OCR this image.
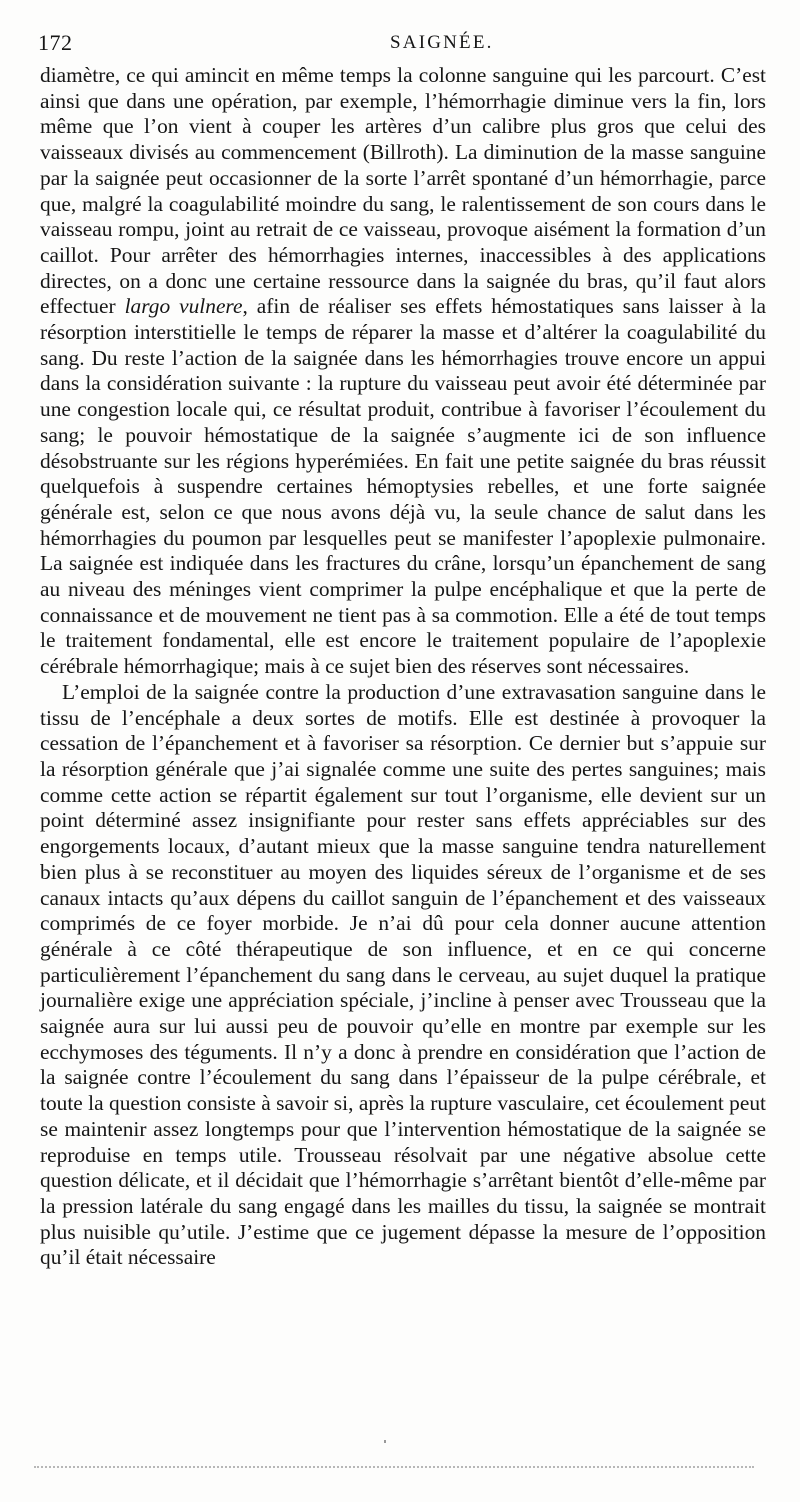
172	SAIGNÉE.

diamètre, ce qui amincit en même temps la colonne sanguine qui les parcourt. C’est ainsi que dans une opération, par exemple, l’hémorrhagie diminue vers la fin, lors même que l’on vient à couper les artères d’un calibre plus gros que celui des vaisseaux divisés au commencement (Billroth). La diminution de la masse sanguine par la saignée peut occasionner de la sorte l’arrêt spontané d’un hémorrhagie, parce que, malgré la coagulabilité moindre du sang, le ralentissement de son cours dans le vaisseau rompu, joint au retrait de ce vaisseau, provoque aisément la formation d’un caillot. Pour arrêter des hémorrhagies internes, inaccessibles à des applications directes, on a donc une certaine ressource dans la saignée du bras, qu’il faut alors effectuer largo vulnere, afin de réaliser ses effets hémostatiques sans laisser à la résorption interstitielle le temps de réparer la masse et d’altérer la coagulabilité du sang. Du reste l’action de la saignée dans les hémorrhagies trouve encore un appui dans la considération suivante : la rupture du vaisseau peut avoir été déterminée par une congestion locale qui, ce résultat produit, contribue à favoriser l’écoulement du sang; le pouvoir hémostatique de la saignée s’augmente ici de son influence désobstruante sur les régions hyperémiées. En fait une petite saignée du bras réussit quelquefois à suspendre certaines hémoptysies rebelles, et une forte saignée générale est, selon ce que nous avons déjà vu, la seule chance de salut dans les hémorrhagies du poumon par lesquelles peut se manifester l’apoplexie pulmonaire. La saignée est indiquée dans les fractures du crâne, lorsqu’un épanchement de sang au niveau des méninges vient comprimer la pulpe encéphalique et que la perte de connaissance et de mouvement ne tient pas à sa commotion. Elle a été de tout temps le traitement fondamental, elle est encore le traitement populaire de l’apoplexie cérébrale hémorrhagique; mais à ce sujet bien des réserves sont nécessaires.

L’emploi de la saignée contre la production d’une extravasation sanguine dans le tissu de l’encéphale a deux sortes de motifs. Elle est destinée à provoquer la cessation de l’épanchement et à favoriser sa résorption. Ce dernier but s’appuie sur la résorption générale que j’ai signalée comme une suite des pertes sanguines; mais comme cette action se répartit également sur tout l’organisme, elle devient sur un point déterminé assez insignifiante pour rester sans effets appréciables sur des engorgements locaux, d’autant mieux que la masse sanguine tendra naturellement bien plus à se reconstituer au moyen des liquides séreux de l’organisme et de ses canaux intacts qu’aux dépens du caillot sanguin de l’épanchement et des vaisseaux comprimés de ce foyer morbide. Je n’ai dû pour cela donner aucune attention générale à ce côté thérapeutique de son influence, et en ce qui concerne particulièrement l’épanchement du sang dans le cerveau, au sujet duquel la pratique journalière exige une appréciation spéciale, j’incline à penser avec Trousseau que la saignée aura sur lui aussi peu de pouvoir qu’elle en montre par exemple sur les ecchymoses des téguments. Il n’y a donc à prendre en considération que l’action de la saignée contre l’écoulement du sang dans l’épaisseur de la pulpe cérébrale, et toute la question consiste à savoir si, après la rupture vasculaire, cet écoulement peut se maintenir assez longtemps pour que l’intervention hémostatique de la saignée se reproduise en temps utile. Trousseau résolvait par une négative absolue cette question délicate, et il décidait que l’hémorrhagie s’arrêtant bientôt d’elle-même par la pression latérale du sang engagé dans les mailles du tissu, la saignée se montrait plus nuisible qu’utile. J’estime que ce jugement dépasse la mesure de l’opposition qu’il était nécessaire
